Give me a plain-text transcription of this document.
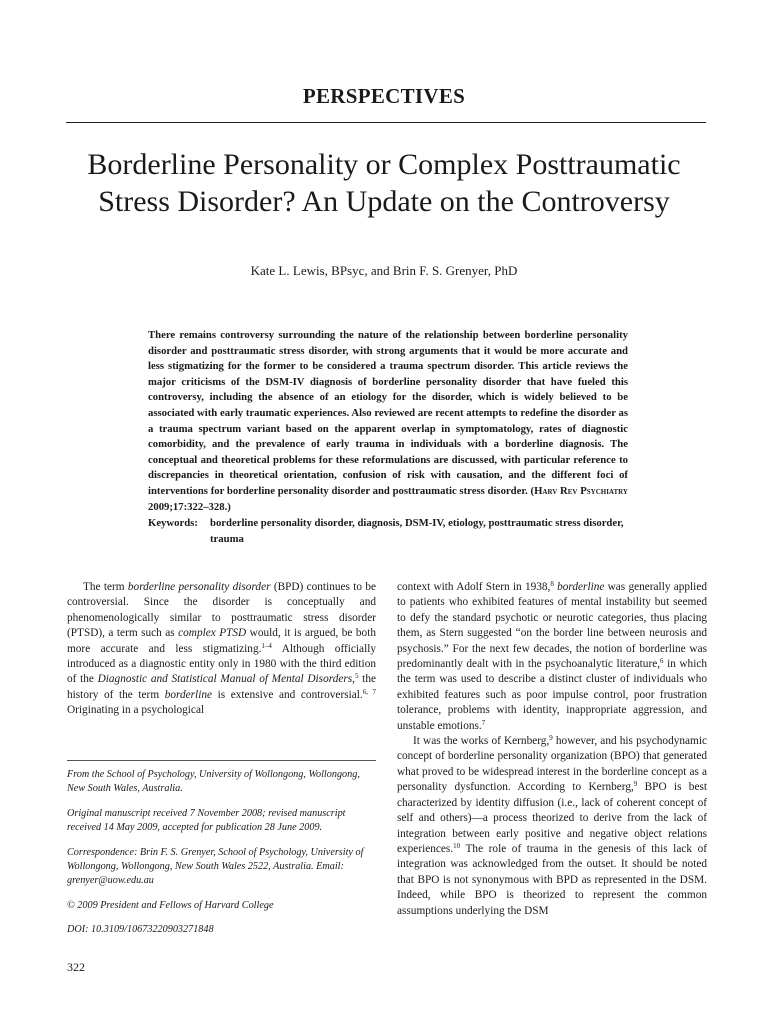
PERSPECTIVES
Borderline Personality or Complex Posttraumatic
Stress Disorder? An Update on the Controversy
Kate L. Lewis, BPsyc, and Brin F. S. Grenyer, PhD
There remains controversy surrounding the nature of the relationship between borderline personality disorder and posttraumatic stress disorder, with strong arguments that it would be more accurate and less stigmatizing for the former to be considered a trauma spectrum disorder. This article reviews the major criticisms of the DSM-IV diagnosis of borderline personality disorder that have fueled this controversy, including the absence of an etiology for the disorder, which is widely believed to be associated with early traumatic experiences. Also reviewed are recent attempts to redefine the disorder as a trauma spectrum variant based on the apparent overlap in symptomatology, rates of diagnostic comorbidity, and the prevalence of early trauma in individuals with a borderline diagnosis. The conceptual and theoretical problems for these reformulations are discussed, with particular reference to discrepancies in theoretical orientation, confusion of risk with causation, and the different foci of interventions for borderline personality disorder and posttraumatic stress disorder. (Harv Rev Psychiatry 2009;17:322–328.)
Keywords:	borderline personality disorder, diagnosis, DSM-IV, etiology, posttraumatic stress disorder, trauma

The term borderline personality disorder (BPD) continues to be controversial. Since the disorder is conceptually and phenomenologically similar to posttraumatic stress disorder (PTSD), a term such as complex PTSD would, it is argued, be both more accurate and less stigmatizing.$^{1-4}$ Although officially introduced as a diagnostic entity only in 1980 with the third edition of the Diagnostic and Statistical Manual of Mental Disorders,$^5$ the history of the term borderline is extensive and controversial.$^{6, 7}$ Originating in a psychological

From the School of Psychology, University of Wollongong, Wollongong, New South Wales, Australia.

Original manuscript received 7 November 2008; revised manuscript received 14 May 2009, accepted for publication 28 June 2009.

Correspondence: Brin F. S. Grenyer, School of Psychology, University of Wollongong, Wollongong, New South Wales 2522, Australia. Email: grenyer@uow.edu.au

© 2009 President and Fellows of Harvard College

DOI: 10.3109/10673220903271848

322

context with Adolf Stern in 1938,$^8$ borderline was generally applied to patients who exhibited features of mental instability but seemed to defy the standard psychotic or neurotic categories, thus placing them, as Stern suggested “on the border line between neurosis and psychosis.” For the next few decades, the notion of borderline was predominantly dealt with in the psychoanalytic literature,$^6$ in which the term was used to describe a distinct cluster of individuals who exhibited features such as poor impulse control, poor frustration tolerance, problems with identity, inappropriate aggression, and unstable emotions.$^7$

It was the works of Kernberg,$^9$ however, and his psychodynamic concept of borderline personality organization (BPO) that generated what proved to be widespread interest in the borderline concept as a personality dysfunction. According to Kernberg,$^9$ BPO is best characterized by identity diffusion (i.e., lack of coherent concept of self and others)—a process theorized to derive from the lack of integration between early positive and negative object relations experiences.$^{10}$ The role of trauma in the genesis of this lack of integration was acknowledged from the outset. It should be noted that BPO is not synonymous with BPD as represented in the DSM. Indeed, while BPO is theorized to represent the common assumptions underlying the DSM
